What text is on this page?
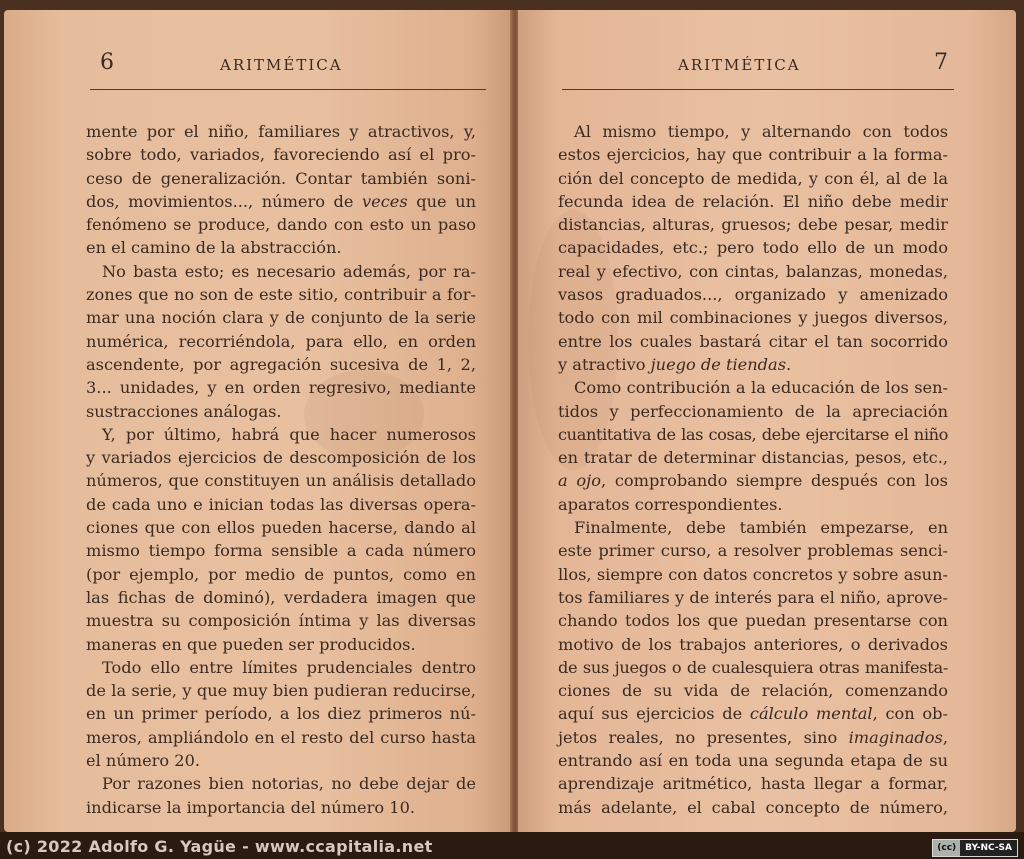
6	ARITMÉTICA
mente por el niño, familiares y atractivos, y,
sobre todo, variados, favoreciendo así el pro-
ceso de generalización. Contar también soni-
dos, movimientos..., número de veces que un
fenómeno se produce, dando con esto un paso
en el camino de la abstracción.
No basta esto; es necesario además, por ra-
zones que no son de este sitio, contribuir a for-
mar una noción clara y de conjunto de la serie
numérica, recorriéndola, para ello, en orden
ascendente, por agregación sucesiva de 1, 2,
3... unidades, y en orden regresivo, mediante
sustracciones análogas.
Y, por último, habrá que hacer numerosos
y variados ejercicios de descomposición de los
números, que constituyen un análisis detallado
de cada uno e inician todas las diversas opera-
ciones que con ellos pueden hacerse, dando al
mismo tiempo forma sensible a cada número
(por ejemplo, por medio de puntos, como en
las fichas de dominó), verdadera imagen que
muestra su composición íntima y las diversas
maneras en que pueden ser producidos.
Todo ello entre límites prudenciales dentro
de la serie, y que muy bien pudieran reducirse,
en un primer período, a los diez primeros nú-
meros, ampliándolo en el resto del curso hasta
el número 20.
Por razones bien notorias, no debe dejar de
indicarse la importancia del número 10.
ARITMÉTICA	7
Al mismo tiempo, y alternando con todos
estos ejercicios, hay que contribuir a la forma-
ción del concepto de medida, y con él, al de la
fecunda idea de relación. El niño debe medir
distancias, alturas, gruesos; debe pesar, medir
capacidades, etc.; pero todo ello de un modo
real y efectivo, con cintas, balanzas, monedas,
vasos graduados..., organizado y amenizado
todo con mil combinaciones y juegos diversos,
entre los cuales bastará citar el tan socorrido
y atractivo juego de tiendas.
Como contribución a la educación de los sen-
tidos y perfeccionamiento de la apreciación
cuantitativa de las cosas, debe ejercitarse el niño
en tratar de determinar distancias, pesos, etc.,
a ojo, comprobando siempre después con los
aparatos correspondientes.
Finalmente, debe también empezarse, en
este primer curso, a resolver problemas senci-
llos, siempre con datos concretos y sobre asun-
tos familiares y de interés para el niño, aprove-
chando todos los que puedan presentarse con
motivo de los trabajos anteriores, o derivados
de sus juegos o de cualesquiera otras manifesta-
ciones de su vida de relación, comenzando
aquí sus ejercicios de cálculo mental, con ob-
jetos reales, no presentes, sino imaginados,
entrando así en toda una segunda etapa de su
aprendizaje aritmético, hasta llegar a formar,
más adelante, el cabal concepto de número,
(c) 2022 Adolfo G. Yagüe - www.ccapitalia.net	(cc)	BY-NC-SA
